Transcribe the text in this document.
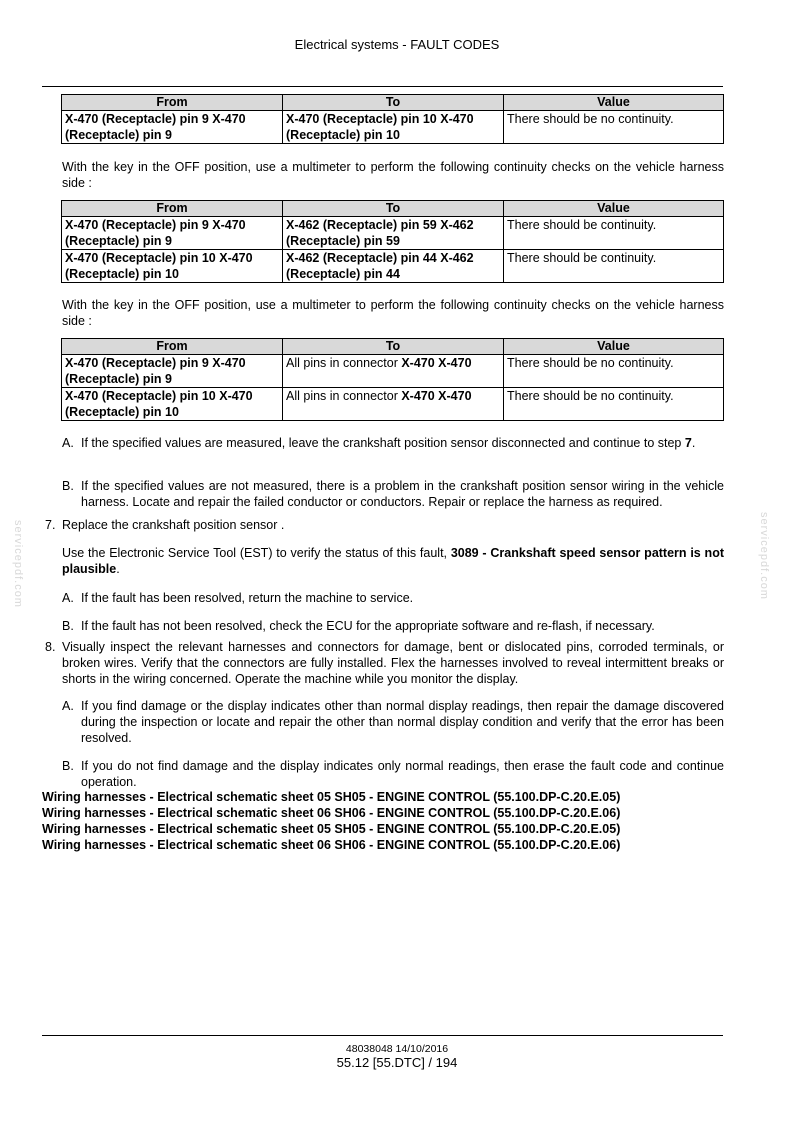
Electrical systems - FAULT CODES
From	To	Value
X-470 (Receptacle) pin 9 X-470 (Receptacle) pin 9	X-470 (Receptacle) pin 10 X-470 (Receptacle) pin 10	There should be no continuity.
With the key in the OFF position, use a multimeter to perform the following continuity checks on the vehicle harness side :
From	To	Value
X-470 (Receptacle) pin 9 X-470 (Receptacle) pin 9	X-462 (Receptacle) pin 59 X-462 (Receptacle) pin 59	There should be continuity.
X-470 (Receptacle) pin 10 X-470 (Receptacle) pin 10	X-462 (Receptacle) pin 44 X-462 (Receptacle) pin 44	There should be continuity.
With the key in the OFF position, use a multimeter to perform the following continuity checks on the vehicle harness side :
From	To	Value
X-470 (Receptacle) pin 9 X-470 (Receptacle) pin 9	All pins in connector X-470 X-470	There should be no continuity.
X-470 (Receptacle) pin 10 X-470 (Receptacle) pin 10	All pins in connector X-470 X-470	There should be no continuity.
A. If the specified values are measured, leave the crankshaft position sensor disconnected and continue to step 7.
B. If the specified values are not measured, there is a problem in the crankshaft position sensor wiring in the vehicle harness. Locate and repair the failed conductor or conductors. Repair or replace the harness as required.
7. Replace the crankshaft position sensor .
Use the Electronic Service Tool (EST) to verify the status of this fault, 3089 - Crankshaft speed sensor pattern is not plausible.
A. If the fault has been resolved, return the machine to service.
B. If the fault has not been resolved, check the ECU for the appropriate software and re-flash, if necessary.
8. Visually inspect the relevant harnesses and connectors for damage, bent or dislocated pins, corroded terminals, or broken wires. Verify that the connectors are fully installed. Flex the harnesses involved to reveal intermittent breaks or shorts in the wiring concerned. Operate the machine while you monitor the display.
A. If you find damage or the display indicates other than normal display readings, then repair the damage discovered during the inspection or locate and repair the other than normal display condition and verify that the error has been resolved.
B. If you do not find damage and the display indicates only normal readings, then erase the fault code and continue operation.
Wiring harnesses - Electrical schematic sheet 05 SH05 - ENGINE CONTROL (55.100.DP-C.20.E.05)
Wiring harnesses - Electrical schematic sheet 06 SH06 - ENGINE CONTROL (55.100.DP-C.20.E.06)
Wiring harnesses - Electrical schematic sheet 05 SH05 - ENGINE CONTROL (55.100.DP-C.20.E.05)
Wiring harnesses - Electrical schematic sheet 06 SH06 - ENGINE CONTROL (55.100.DP-C.20.E.06)
servicepdf.com	servicepdf.com
48038048 14/10/2016
55.12 [55.DTC] / 194
